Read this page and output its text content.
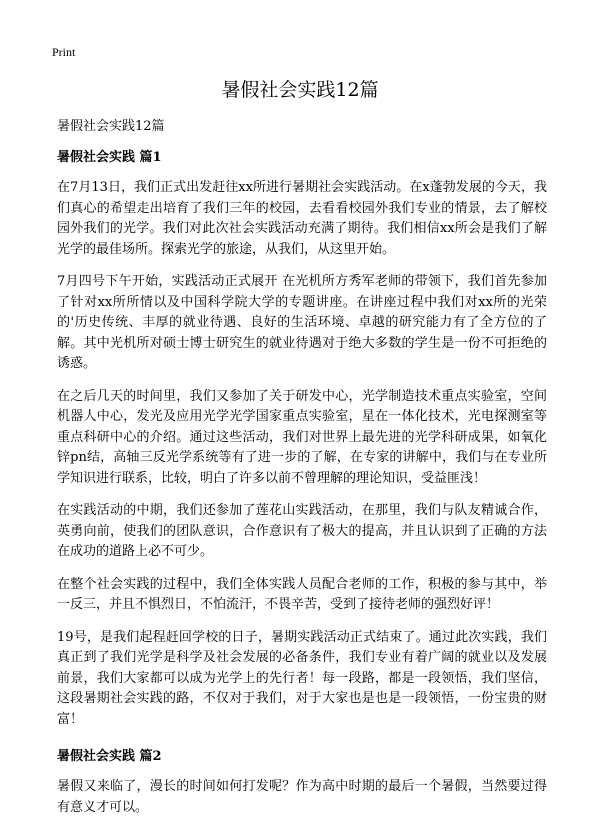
Print
暑假社会实践12篇

暑假社会实践12篇

暑假社会实践 篇1

在7月13日，我们正式出发赶往xx所进行暑期社会实践活动。在x蓬勃发展的今天，我们真心的希望走出培育了我们三年的校园，去看看校园外我们专业的情景，去了解校园外我们的光学。我们对此次社会实践活动充满了期待。我们相信xx所会是我们了解光学的最佳场所。探索光学的旅途，从我们，从这里开始。

7月四号下午开始，实践活动正式展开 在光机所方秀军老师的带领下，我们首先参加了针对xx所所情以及中国科学院大学的专题讲座。在讲座过程中我们对xx所的光荣的'历史传统、丰厚的就业待遇、良好的生活环境、卓越的研究能力有了全方位的了解。其中光机所对硕士博士研究生的就业待遇对于绝大多数的学生是一份不可拒绝的诱惑。

在之后几天的时间里，我们又参加了关于研发中心，光学制造技术重点实验室，空间机器人中心，发光及应用光学光学国家重点实验室，星在一体化技术，光电探测室等重点科研中心的介绍。通过这些活动，我们对世界上最先进的光学科研成果，如氧化锌pn结，高轴三反光学系统等有了进一步的了解，在专家的讲解中，我们与在专业所学知识进行联系，比较，明白了许多以前不曾理解的理论知识，受益匪浅！

在实践活动的中期，我们还参加了莲花山实践活动，在那里，我们与队友精诚合作，英勇向前，使我们的团队意识，合作意识有了极大的提高，并且认识到了正确的方法在成功的道路上必不可少。

在整个社会实践的过程中，我们全体实践人员配合老师的工作，积极的参与其中，举一反三，并且不惧烈日，不怕流汗，不畏辛苦，受到了接待老师的强烈好评！

19号，是我们起程赶回学校的日子，暑期实践活动正式结束了。通过此次实践，我们真正到了我们光学是科学及社会发展的必备条件，我们专业有着广阔的就业以及发展前景，我们大家都可以成为光学上的先行者！每一段路，都是一段领悟，我们坚信，这段暑期社会实践的路，不仅对于我们，对于大家也是也是一段领悟，一份宝贵的财富！

暑假社会实践 篇2

暑假又来临了，漫长的时间如何打发呢？作为高中时期的最后一个暑假，当然要过得有意义才可以。
